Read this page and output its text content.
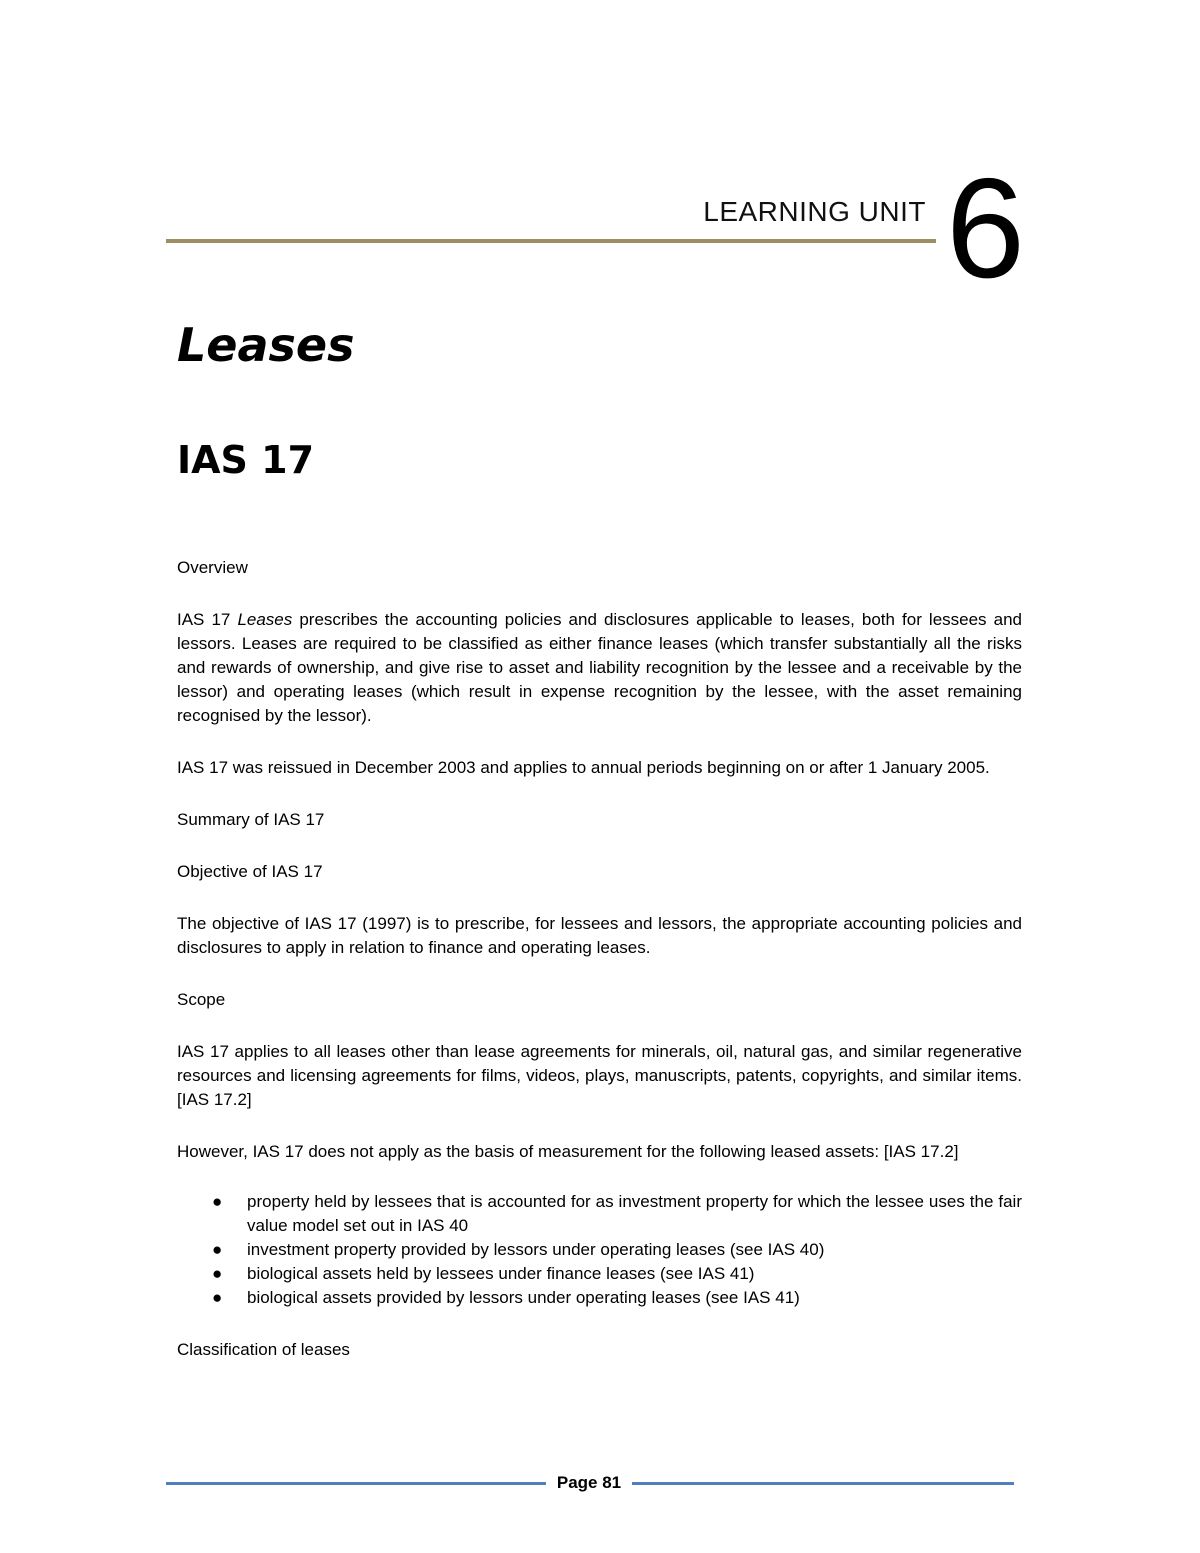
LEARNING UNIT 6
Leases
IAS 17

Overview

IAS 17 Leases prescribes the accounting policies and disclosures applicable to leases, both for lessees and lessors. Leases are required to be classified as either finance leases (which transfer substantially all the risks and rewards of ownership, and give rise to asset and liability recognition by the lessee and a receivable by the lessor) and operating leases (which result in expense recognition by the lessee, with the asset remaining recognised by the lessor).

IAS 17 was reissued in December 2003 and applies to annual periods beginning on or after 1 January 2005.

Summary of IAS 17

Objective of IAS 17

The objective of IAS 17 (1997) is to prescribe, for lessees and lessors, the appropriate accounting policies and disclosures to apply in relation to finance and operating leases.

Scope

IAS 17 applies to all leases other than lease agreements for minerals, oil, natural gas, and similar regenerative resources and licensing agreements for films, videos, plays, manuscripts, patents, copyrights, and similar items. [IAS 17.2]

However, IAS 17 does not apply as the basis of measurement for the following leased assets: [IAS 17.2]

● property held by lessees that is accounted for as investment property for which the lessee uses the fair value model set out in IAS 40
● investment property provided by lessors under operating leases (see IAS 40)
● biological assets held by lessees under finance leases (see IAS 41)
● biological assets provided by lessors under operating leases (see IAS 41)

Classification of leases

Page 81
